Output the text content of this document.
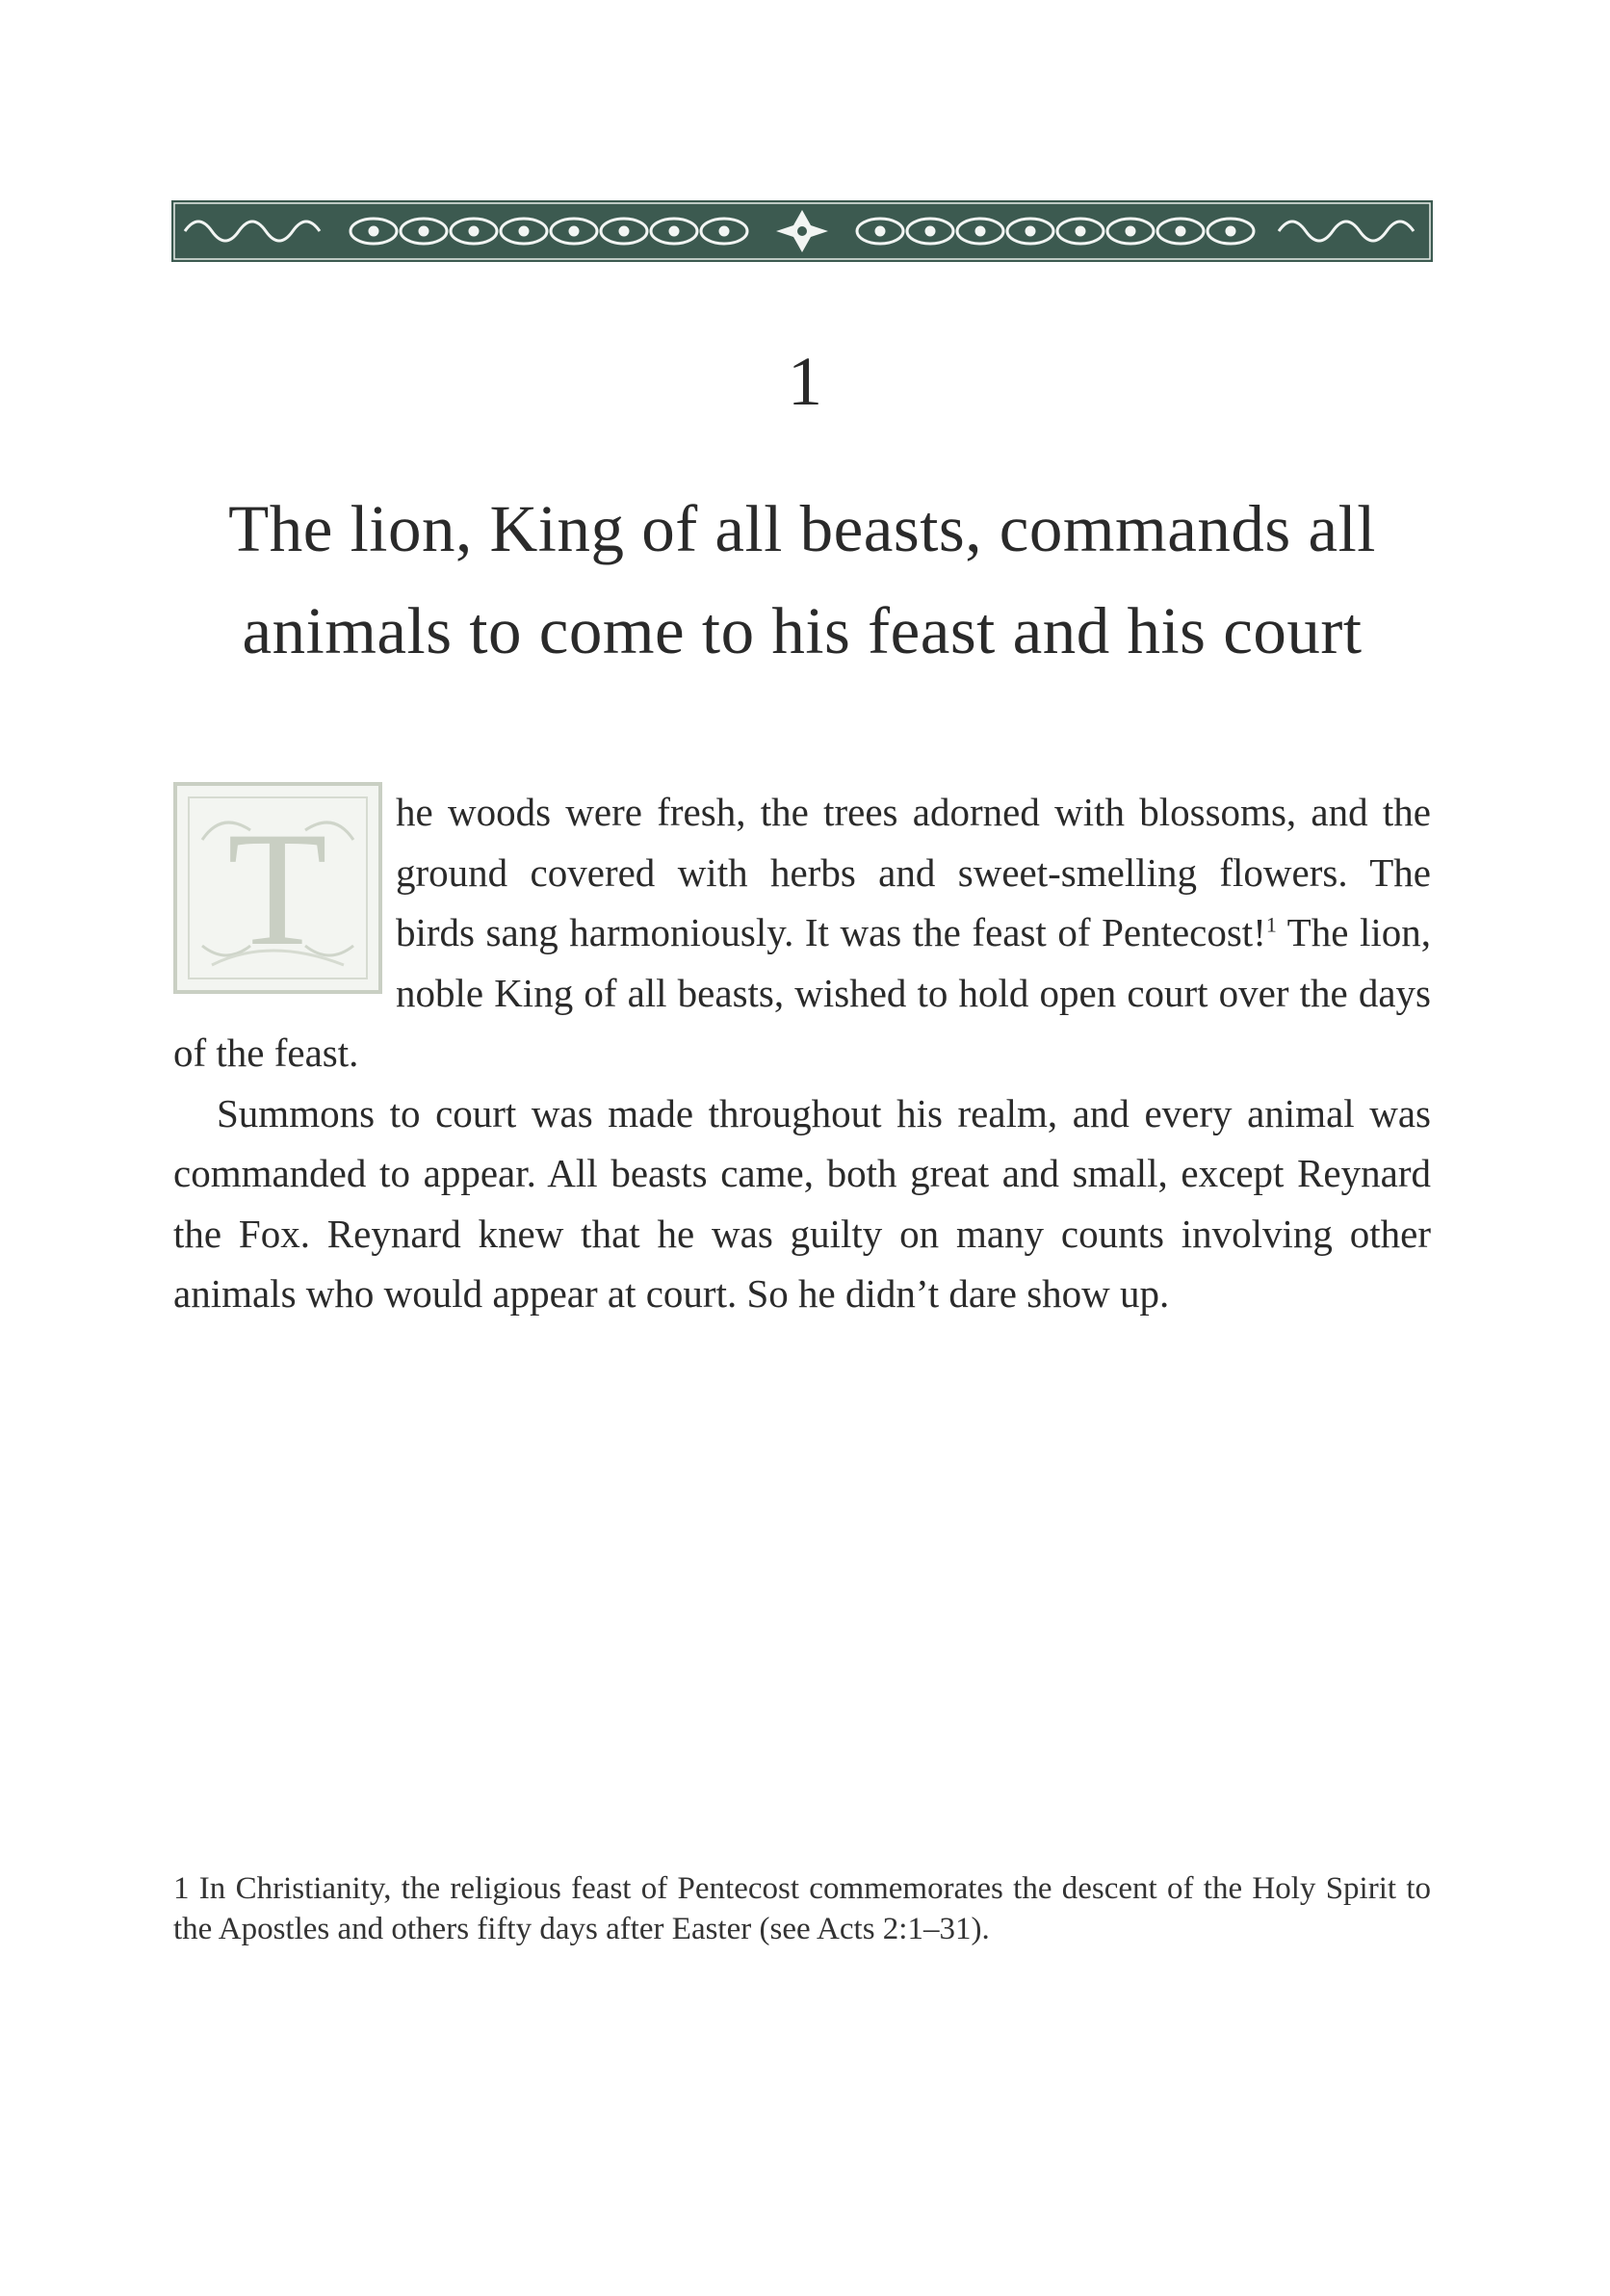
1
The lion, King of all beasts, commands all
animals to come to his feast and his court

T he woods were fresh, the trees adorned with blossoms, and the ground covered with herbs and sweet-smelling flowers. The birds sang harmoniously. It was the feast of Pentecost!$^1$ The lion, noble King of all beasts, wished to hold open court over the days of the feast.

Summons to court was made throughout his realm, and every animal was commanded to appear. All beasts came, both great and small, except Reynard the Fox. Reynard knew that he was guilty on many counts involving other animals who would appear at court. So he didn’t dare show up.

1 In Christianity, the religious feast of Pentecost commemorates the descent of the Holy Spirit to the Apostles and others fifty days after Easter (see Acts 2:1–31).
